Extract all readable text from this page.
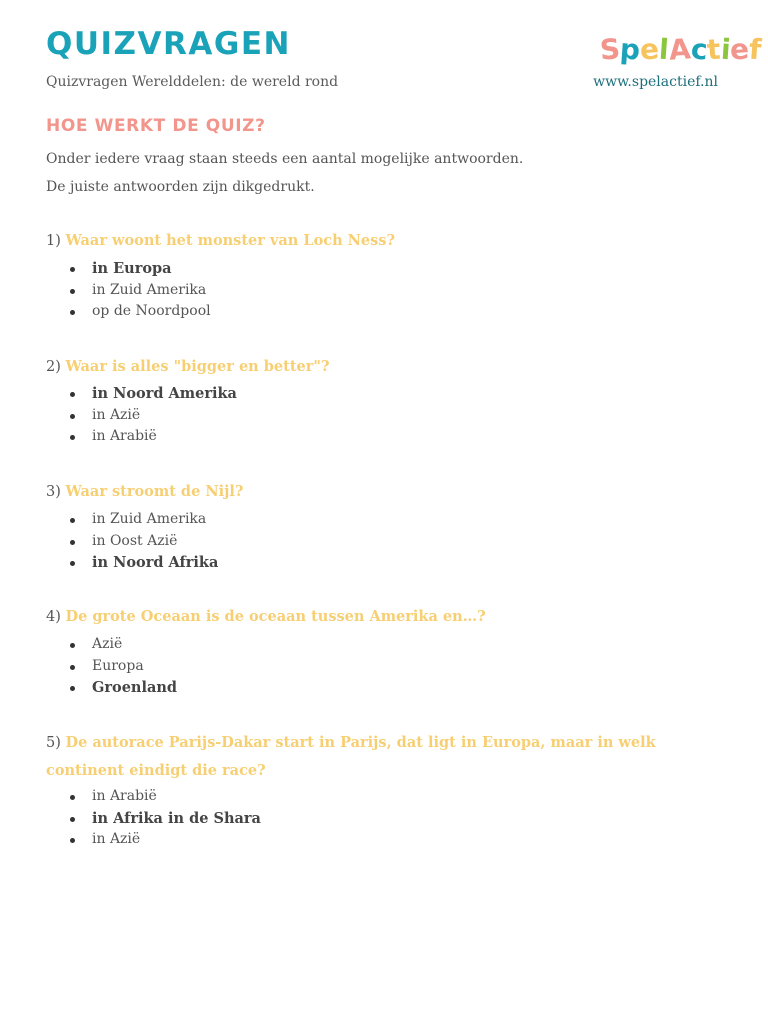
QUIZVRAGEN
Quizvragen Werelddelen: de wereld rond
S
p
e
l
A
c
t
i
e
f
www.spelactief.nl
HOE WERKT DE QUIZ?

Onder iedere vraag staan steeds een aantal mogelijke antwoorden.

De juiste antwoorden zijn dikgedrukt.

1) Waar woont het monster van Loch Ness?
in Europa
in Zuid Amerika
op de Noordpool
2) Waar is alles "bigger en better"?
in Noord Amerika
in Azië
in Arabië
3) Waar stroomt de Nijl?
in Zuid Amerika
in Oost Azië
in Noord Afrika
4) De grote Oceaan is de oceaan tussen Amerika en…?
Azië
Europa
Groenland
5) De autorace Parijs-Dakar start in Parijs, dat ligt in Europa, maar in welk continent eindigt die race?
in Arabië
in Afrika in de Shara
in Azië
